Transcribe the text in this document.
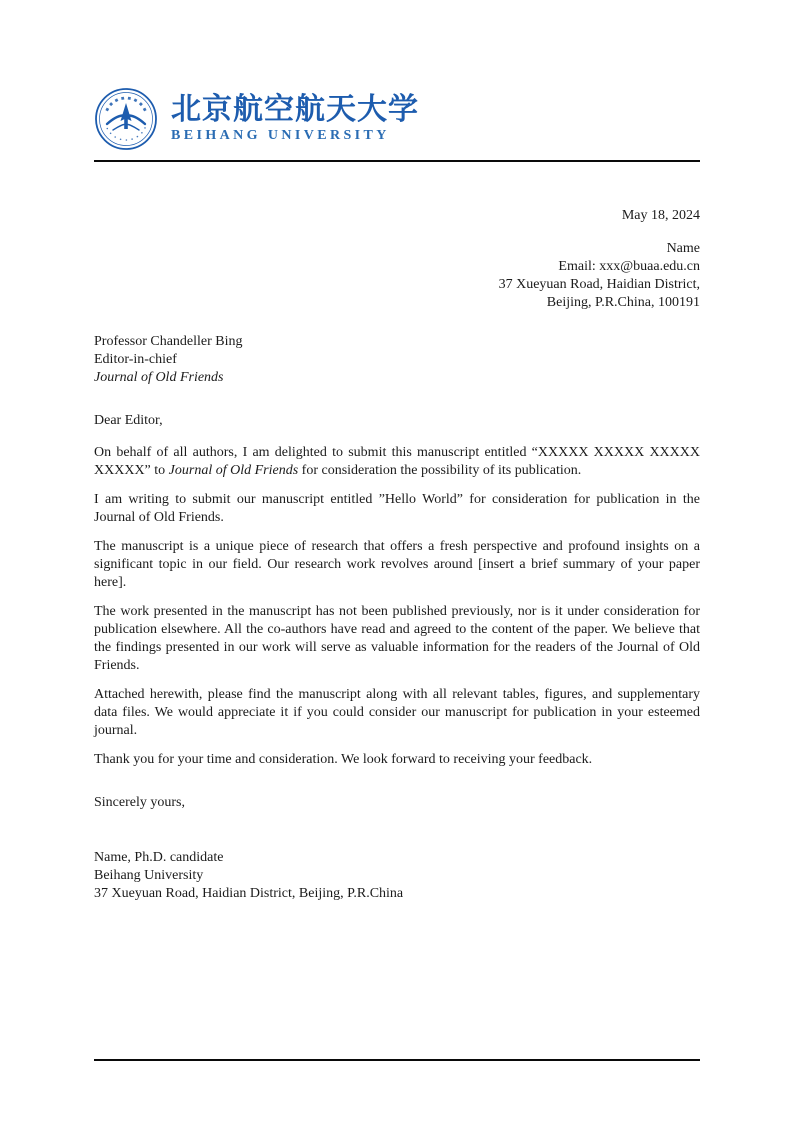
北京航空航天大学
BEIHANG UNIVERSITY
May 18, 2024
Name
Email: xxx@buaa.edu.cn
37 Xueyuan Road, Haidian District,
Beijing, P.R.China, 100191
Professor Chandeller Bing
Editor-in-chief
Journal of Old Friends
Dear Editor,

On behalf of all authors, I am delighted to submit this manuscript entitled “XXXXX XXXXX XXXXX XXXXX” to Journal of Old Friends for consideration the possibility of its publication.

I am writing to submit our manuscript entitled ”Hello World” for consideration for publication in the Journal of Old Friends.

The manuscript is a unique piece of research that offers a fresh perspective and profound insights on a significant topic in our field. Our research work revolves around [insert a brief summary of your paper here].

The work presented in the manuscript has not been published previously, nor is it under consideration for publication elsewhere. All the co-authors have read and agreed to the content of the paper. We believe that the findings presented in our work will serve as valuable information for the readers of the Journal of Old Friends.

Attached herewith, please find the manuscript along with all relevant tables, figures, and supplementary data files. We would appreciate it if you could consider our manuscript for publication in your esteemed journal.

Thank you for your time and consideration. We look forward to receiving your feedback.

Sincerely yours,
Name, Ph.D. candidate
Beihang University
37 Xueyuan Road, Haidian District, Beijing, P.R.China
